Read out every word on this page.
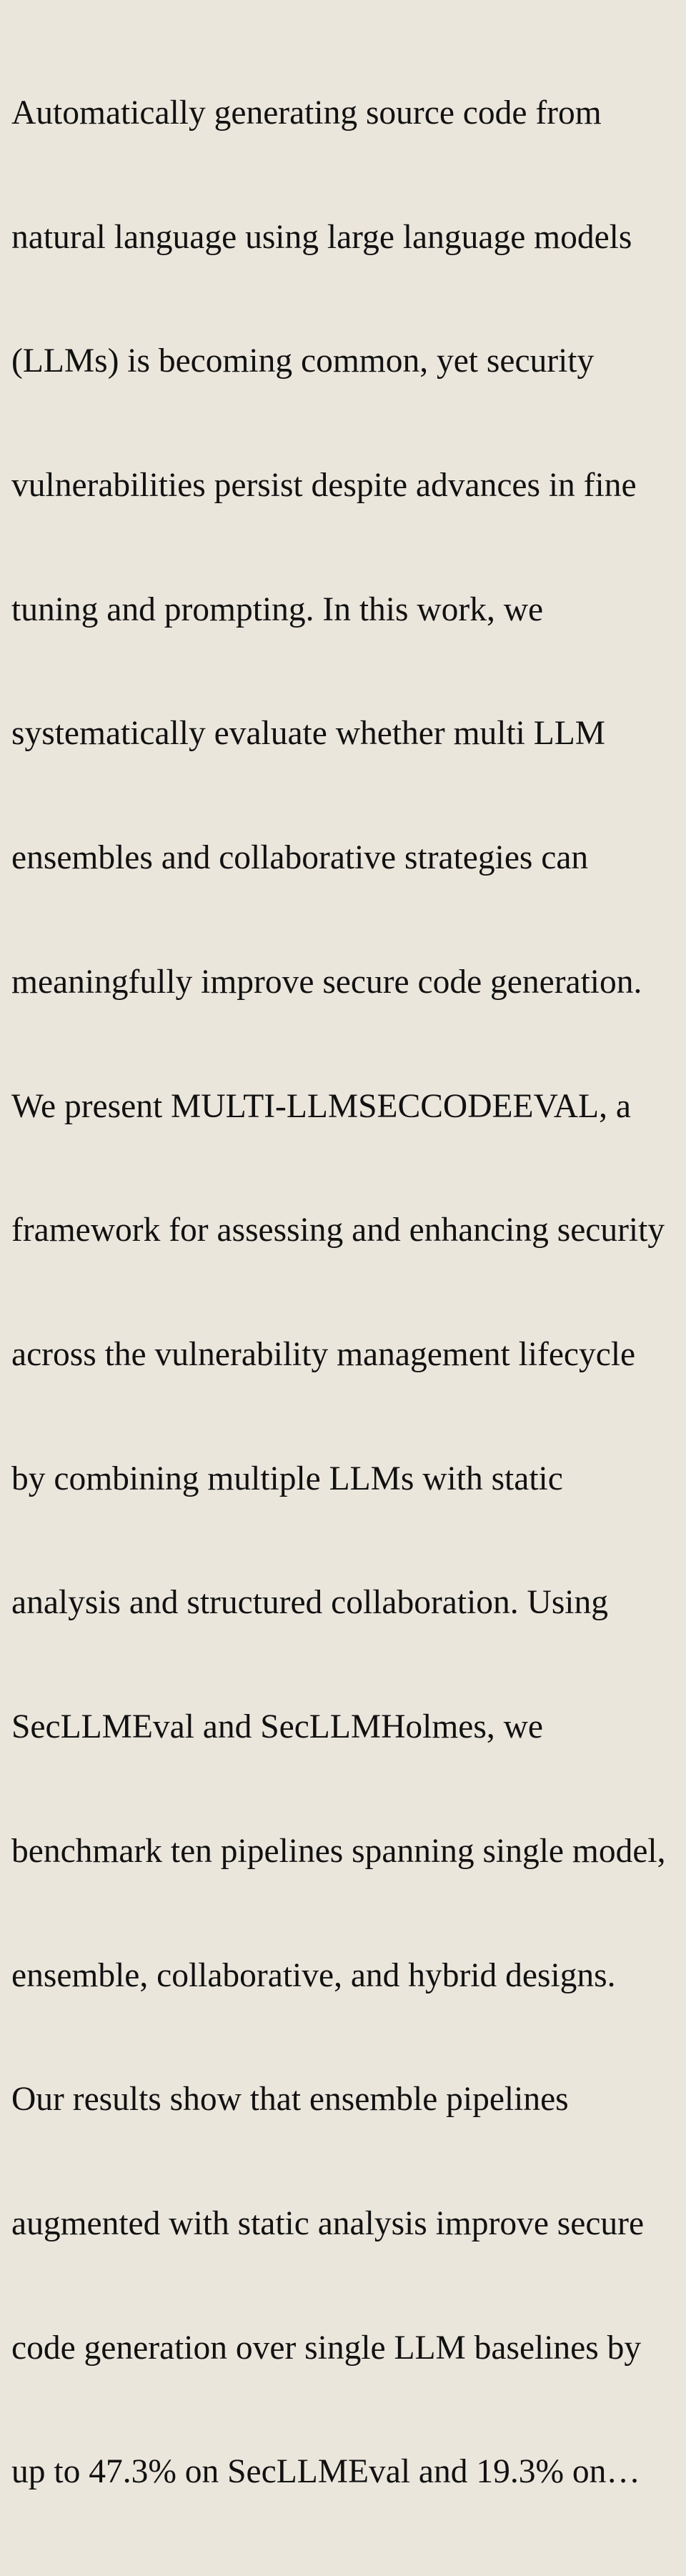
Automatically generating source code from

natural language using large language models

(LLMs) is becoming common, yet security

vulnerabilities persist despite advances in fine

tuning and prompting. In this work, we

systematically evaluate whether multi LLM

ensembles and collaborative strategies can

meaningfully improve secure code generation.

We present MULTI-LLMSECCODEEVAL, a

framework for assessing and enhancing security

across the vulnerability management lifecycle

by combining multiple LLMs with static

analysis and structured collaboration. Using

SecLLMEval and SecLLMHolmes, we

benchmark ten pipelines spanning single model,

ensemble, collaborative, and hybrid designs.

Our results show that ensemble pipelines

augmented with static analysis improve secure

code generation over single LLM baselines by

up to 47.3% on SecLLMEval and 19.3% on…
